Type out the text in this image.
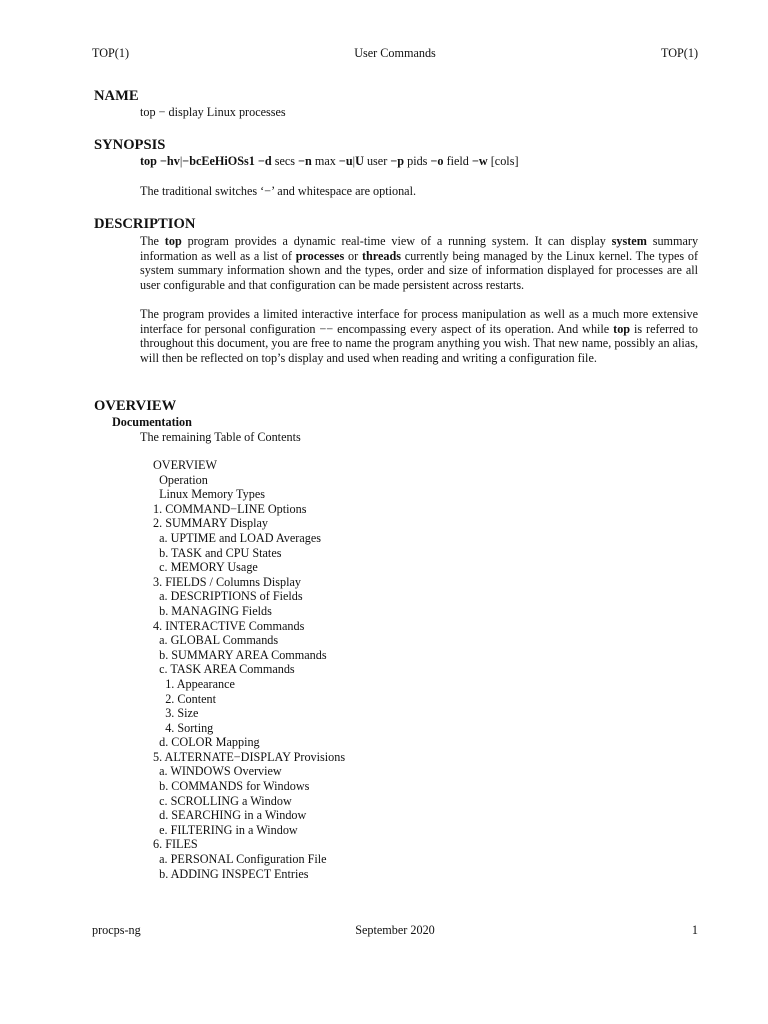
TOP(1)	User Commands	TOP(1)
NAME
top − display Linux processes
SYNOPSIS
top −hv|−bcEeHiOSs1 −d secs −n max −u|U user −p pids −o field −w [cols]
The traditional switches ‘−’ and whitespace are optional.
DESCRIPTION
The top program provides a dynamic real-time view of a running system. It can display system summary information as well as a list of processes or threads currently being managed by the Linux kernel. The types of system summary information shown and the types, order and size of information displayed for processes are all user configurable and that configuration can be made persistent across restarts.
The program provides a limited interactive interface for process manipulation as well as a much more extensive interface for personal configuration −− encompassing every aspect of its operation. And while top is referred to throughout this document, you are free to name the program anything you wish. That new name, possibly an alias, will then be reflected on top’s display and used when reading and writing a configuration file.
OVERVIEW
Documentation
The remaining Table of Contents
OVERVIEW
Operation
Linux Memory Types
1. COMMAND−LINE Options
2. SUMMARY Display
a. UPTIME and LOAD Averages
b. TASK and CPU States
c. MEMORY Usage
3. FIELDS / Columns Display
a. DESCRIPTIONS of Fields
b. MANAGING Fields
4. INTERACTIVE Commands
a. GLOBAL Commands
b. SUMMARY AREA Commands
c. TASK AREA Commands
1. Appearance
2. Content
3. Size
4. Sorting
d. COLOR Mapping
5. ALTERNATE−DISPLAY Provisions
a. WINDOWS Overview
b. COMMANDS for Windows
c. SCROLLING a Window
d. SEARCHING in a Window
e. FILTERING in a Window
6. FILES
a. PERSONAL Configuration File
b. ADDING INSPECT Entries
procps-ng	September 2020	1
